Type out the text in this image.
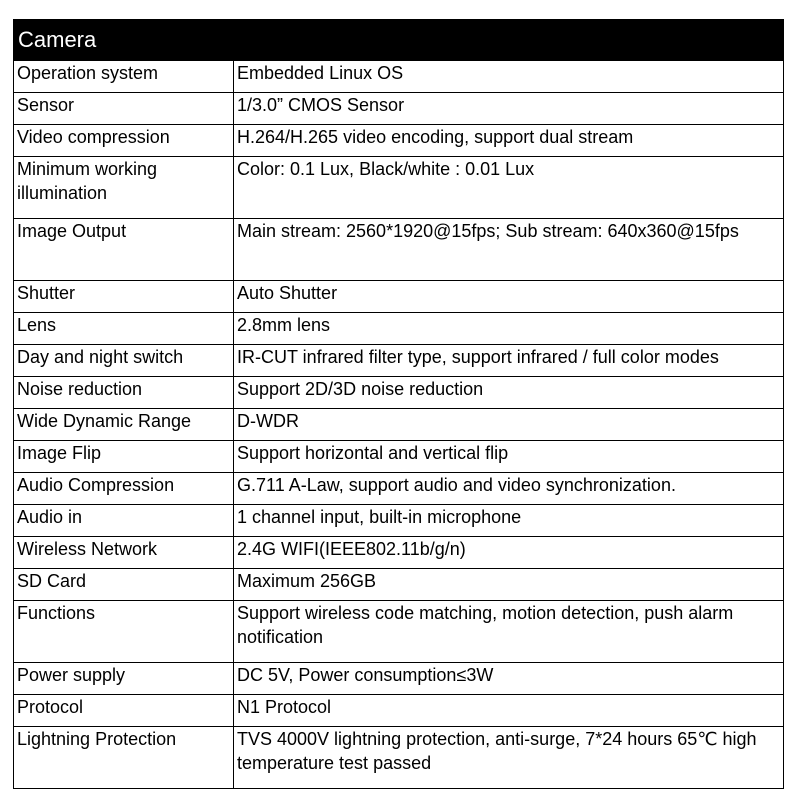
Camera	
Operation system	Embedded Linux OS
Sensor	1/3.0” CMOS Sensor
Video compression	H.264/H.265 video encoding, support dual stream
Minimum working illumination	Color: 0.1 Lux, Black/white : 0.01 Lux
Image Output	Main stream: 2560*1920@15fps; Sub stream: 640x360@15fps
Shutter	Auto Shutter
Lens	2.8mm lens
Day and night switch	IR-CUT infrared filter type, support infrared / full color modes
Noise reduction	Support 2D/3D noise reduction
Wide Dynamic Range	D-WDR
Image Flip	Support horizontal and vertical flip
Audio Compression	G.711 A-Law, support audio and video synchronization.
Audio in	1 channel input, built-in microphone
Wireless Network	2.4G WIFI(IEEE802.11b/g/n)
SD Card	Maximum 256GB
Functions	Support wireless code matching, motion detection, push alarm notification
Power supply	DC 5V, Power consumption≤3W
Protocol	N1 Protocol
Lightning Protection	TVS 4000V lightning protection, anti-surge, 7*24 hours 65℃ high temperature test passed
